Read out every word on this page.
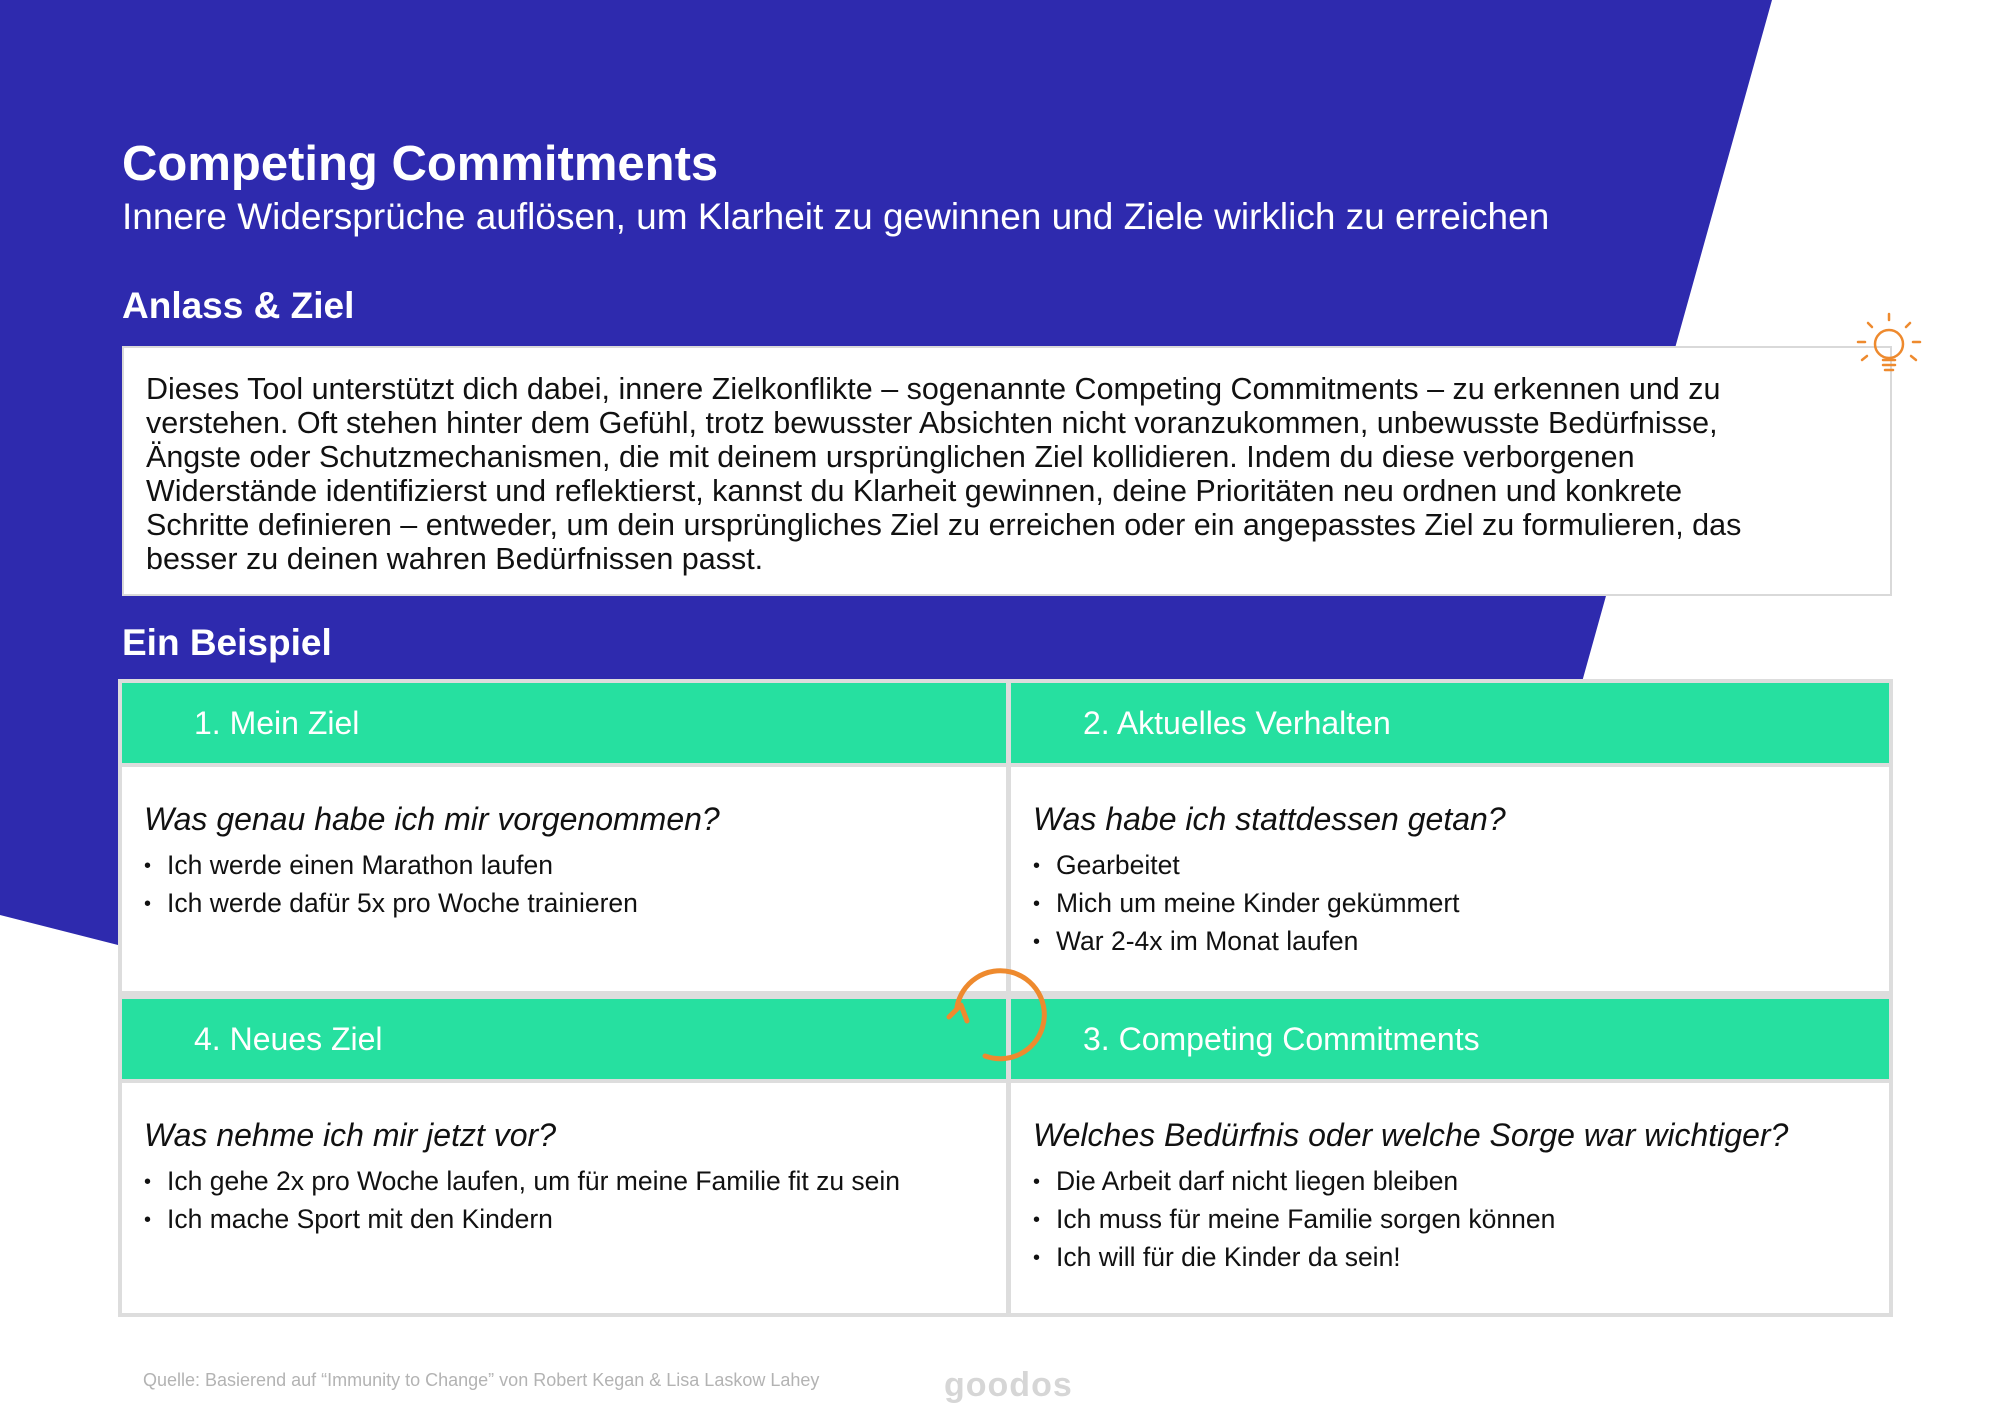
Competing Commitments

Innere Widersprüche auflösen, um Klarheit zu gewinnen und Ziele wirklich zu erreichen

Anlass & Ziel

Dieses Tool unterstützt dich dabei, innere Zielkonflikte – sogenannte Competing Commitments – zu erkennen und zu
verstehen. Oft stehen hinter dem Gefühl, trotz bewusster Absichten nicht voranzukommen, unbewusste Bedürfnisse,
Ängste oder Schutzmechanismen, die mit deinem ursprünglichen Ziel kollidieren. Indem du diese verborgenen
Widerstände identifizierst und reflektierst, kannst du Klarheit gewinnen, deine Prioritäten neu ordnen und konkrete
Schritte definieren – entweder, um dein ursprüngliches Ziel zu erreichen oder ein angepasstes Ziel zu formulieren, das
besser zu deinen wahren Bedürfnissen passt.

Ein Beispiel
1. Mein Ziel

Was genau habe ich mir vorgenommen?

• Ich werde einen Marathon laufen
• Ich werde dafür 5x pro Woche trainieren
2. Aktuelles Verhalten

Was habe ich stattdessen getan?

• Gearbeitet
• Mich um meine Kinder gekümmert
• War 2-4x im Monat laufen
4. Neues Ziel

Was nehme ich mir jetzt vor?

• Ich gehe 2x pro Woche laufen, um für meine Familie fit zu sein
• Ich mache Sport mit den Kindern
3. Competing Commitments

Welches Bedürfnis oder welche Sorge war wichtiger?

• Die Arbeit darf nicht liegen bleiben
• Ich muss für meine Familie sorgen können
• Ich will für die Kinder da sein!

Quelle: Basierend auf “Immunity to Change” von Robert Kegan & Lisa Laskow Lahey	goodos
